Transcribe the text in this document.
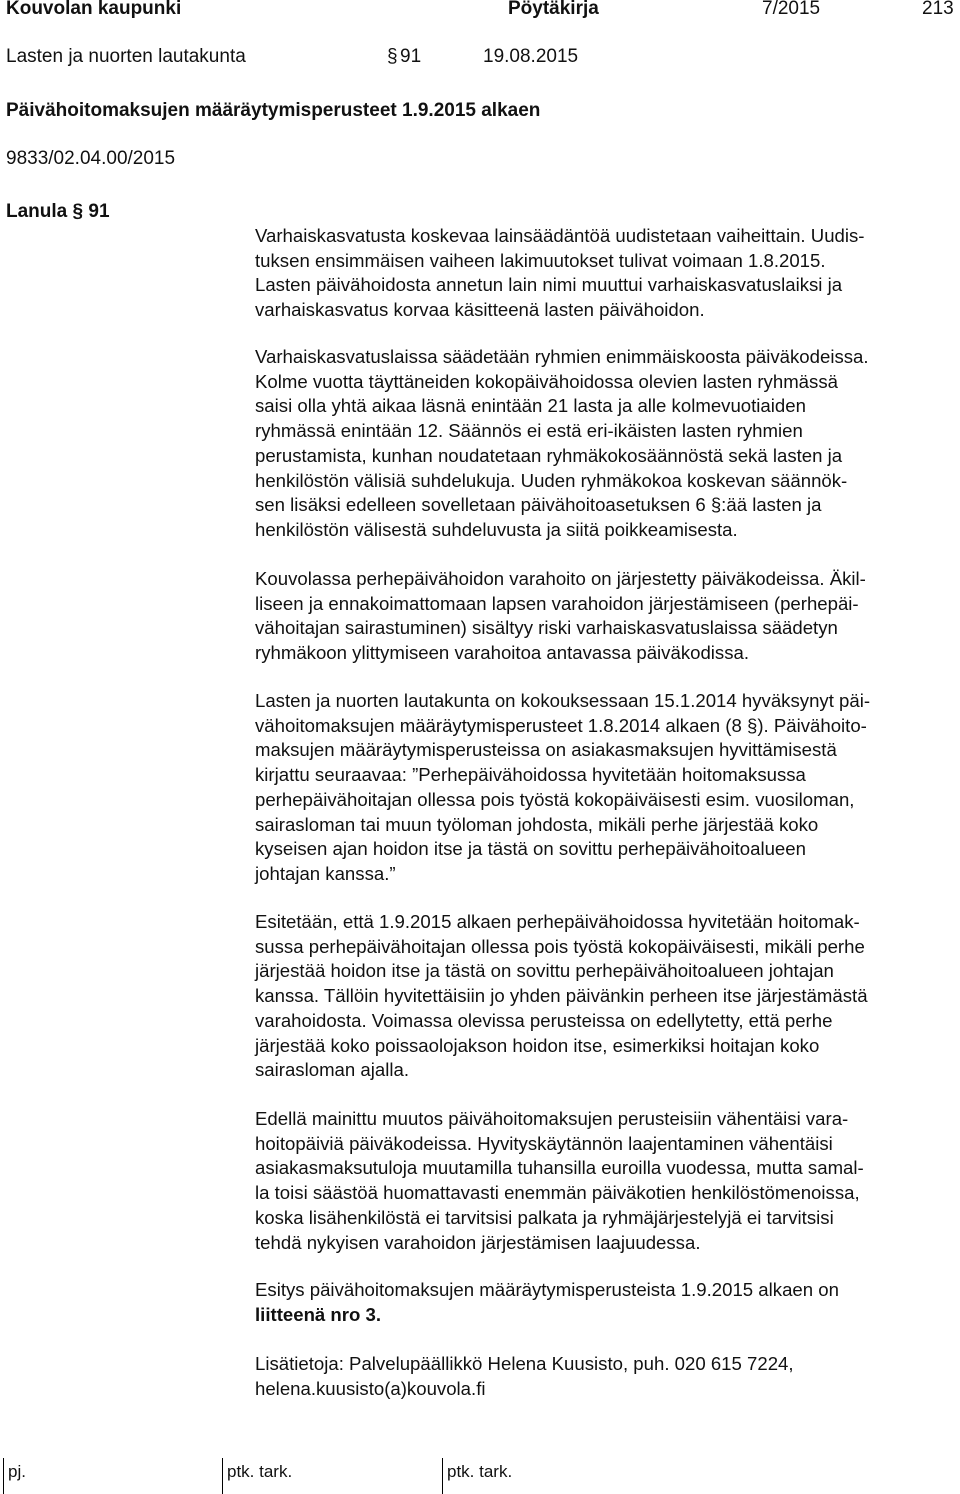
Kouvolan kaupunki	Pöytäkirja	7/2015	213
Lasten ja nuorten lautakunta	§ 91	19.08.2015
Päivähoitomaksujen määräytymisperusteet 1.9.2015 alkaen
9833/02.04.00/2015
Lanula § 91

Varhaiskasvatusta koskevaa lainsäädäntöä uudistetaan vaiheittain. Uudis-

tuksen ensimmäisen vaiheen lakimuutokset tulivat voimaan 1.8.2015.

Lasten päivähoidosta annetun lain nimi muuttui varhaiskasvatuslaiksi ja

varhaiskasvatus korvaa käsitteenä lasten päivähoidon.

Varhaiskasvatuslaissa säädetään ryhmien enimmäiskoosta päiväkodeissa.

Kolme vuotta täyttäneiden kokopäivähoidossa olevien lasten ryhmässä

saisi olla yhtä aikaa läsnä enintään 21 lasta ja alle kolmevuotiaiden

ryhmässä enintään 12. Säännös ei estä eri-ikäisten lasten ryhmien

perustamista, kunhan noudatetaan ryhmäkokosäännöstä sekä lasten ja

henkilöstön välisiä suhdelukuja. Uuden ryhmäkokoa koskevan säännök-

sen lisäksi edelleen sovelletaan päivähoitoasetuksen 6 §:ää lasten ja

henkilöstön välisestä suhdeluvusta ja siitä poikkeamisesta.

Kouvolassa perhepäivähoidon varahoito on järjestetty päiväkodeissa. Äkil-

liseen ja ennakoimattomaan lapsen varahoidon järjestämiseen (perhepäi-

vähoitajan sairastuminen) sisältyy riski varhaiskasvatuslaissa säädetyn

ryhmäkoon ylittymiseen varahoitoa antavassa päiväkodissa.

Lasten ja nuorten lautakunta on kokouksessaan 15.1.2014 hyväksynyt päi-

vähoitomaksujen määräytymisperusteet 1.8.2014 alkaen (8 §). Päivähoito-

maksujen määräytymisperusteissa on asiakasmaksujen hyvittämisestä

kirjattu seuraavaa: ”Perhepäivähoidossa hyvitetään hoitomaksussa

perhepäivähoitajan ollessa pois työstä kokopäiväisesti esim. vuosiloman,

sairasloman tai muun työloman johdosta, mikäli perhe järjestää koko

kyseisen ajan hoidon itse ja tästä on sovittu perhepäivähoitoalueen

johtajan kanssa.”

Esitetään, että 1.9.2015 alkaen perhepäivähoidossa hyvitetään hoitomak-

sussa perhepäivähoitajan ollessa pois työstä kokopäiväisesti, mikäli perhe

järjestää hoidon itse ja tästä on sovittu perhepäivähoitoalueen johtajan

kanssa. Tällöin hyvitettäisiin jo yhden päivänkin perheen itse järjestämästä

varahoidosta. Voimassa olevissa perusteissa on edellytetty, että perhe

järjestää koko poissaolojakson hoidon itse, esimerkiksi hoitajan koko

sairasloman ajalla.

Edellä mainittu muutos päivähoitomaksujen perusteisiin vähentäisi vara-

hoitopäiviä päiväkodeissa. Hyvityskäytännön laajentaminen vähentäisi

asiakasmaksutuloja muutamilla tuhansilla euroilla vuodessa, mutta samal-

la toisi säästöä huomattavasti enemmän päiväkotien henkilöstömenoissa,

koska lisähenkilöstä ei tarvitsisi palkata ja ryhmäjärjestelyjä ei tarvitsisi

tehdä nykyisen varahoidon järjestämisen laajuudessa.

Esitys päivähoitomaksujen määräytymisperusteista 1.9.2015 alkaen on

liitteenä nro 3.

Lisätietoja: Palvelupäällikkö Helena Kuusisto, puh. 020 615 7224,

helena.kuusisto(a)kouvola.fi

pj.	ptk. tark.	ptk. tark.
